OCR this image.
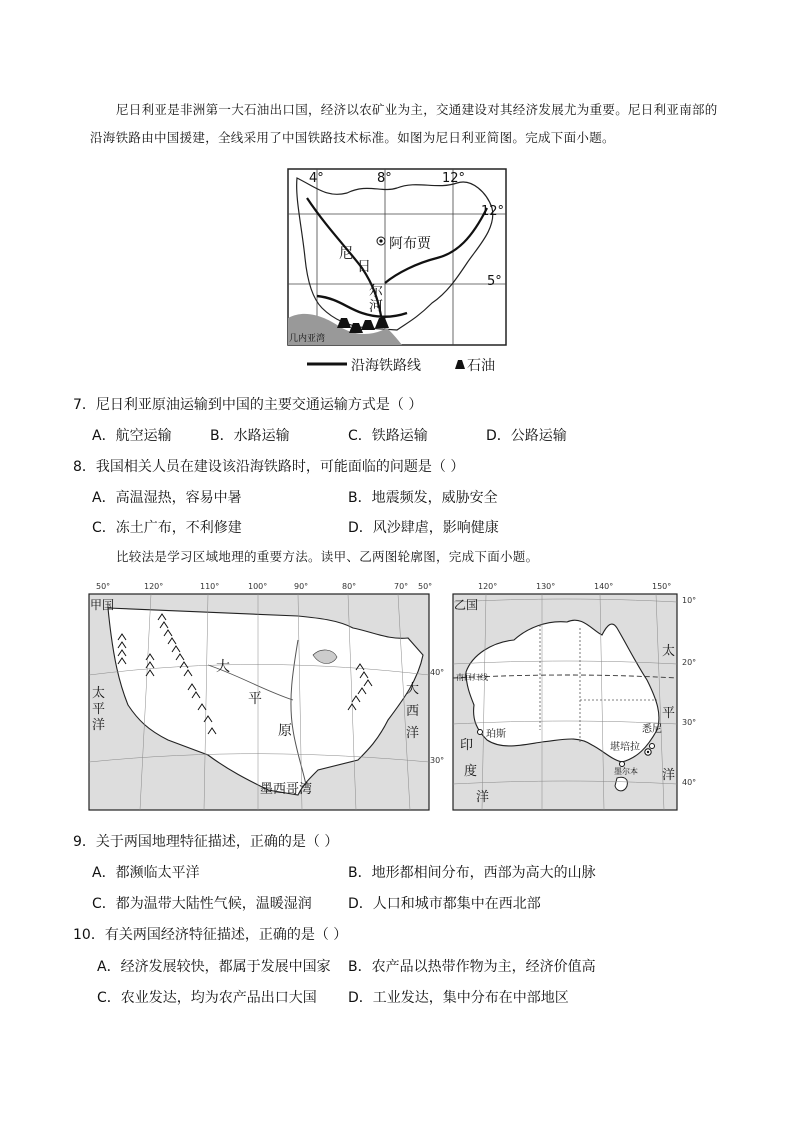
尼日利亚是非洲第一大石油出口国，经济以农矿业为主，交通建设对其经济发展尤为重要。尼日利亚南部的沿海铁路由中国援建，全线采用了中国铁路技术标准。如图为尼日利亚简图。完成下面小题。
4°	8°	12°
12°
5°
阿布贾
尼
日
尔
河
几内亚湾
沿海铁路线	石油
7．尼日利亚原油运输到中国的主要交通运输方式是（ ）
A．航空运输	B．水路运输	C．铁路运输	D．公路运输
8．我国相关人员在建设该沿海铁路时，可能面临的问题是（ ）
A．高温湿热，容易中暑	B．地震频发，威胁安全
C．冻土广布，不利修建	D．风沙肆虐，影响健康
比较法是学习区域地理的重要方法。读甲、乙两图轮廓图，完成下面小题。
甲国
50°	120°	110°	100°	90°	80°	70° 50°
40°
30°
太
平
洋
大
平
原
大
西
洋
墨西哥湾
乙国
120°	130°	140°	150°
10°
20°
30°
40°
南回归线
珀斯	悉尼
堪培拉
墨尔本
印
度
洋
太
平
洋
9．关于两国地理特征描述，正确的是（ ）
A．都濒临太平洋	B．地形都相间分布，西部为高大的山脉
C．都为温带大陆性气候，温暖湿润	D．人口和城市都集中在西北部
10．有关两国经济特征描述，正确的是（ ）
A．经济发展较快，都属于发展中国家 B．农产品以热带作物为主，经济价值高
C．农业发达，均为农产品出口大国 D．工业发达，集中分布在中部地区
